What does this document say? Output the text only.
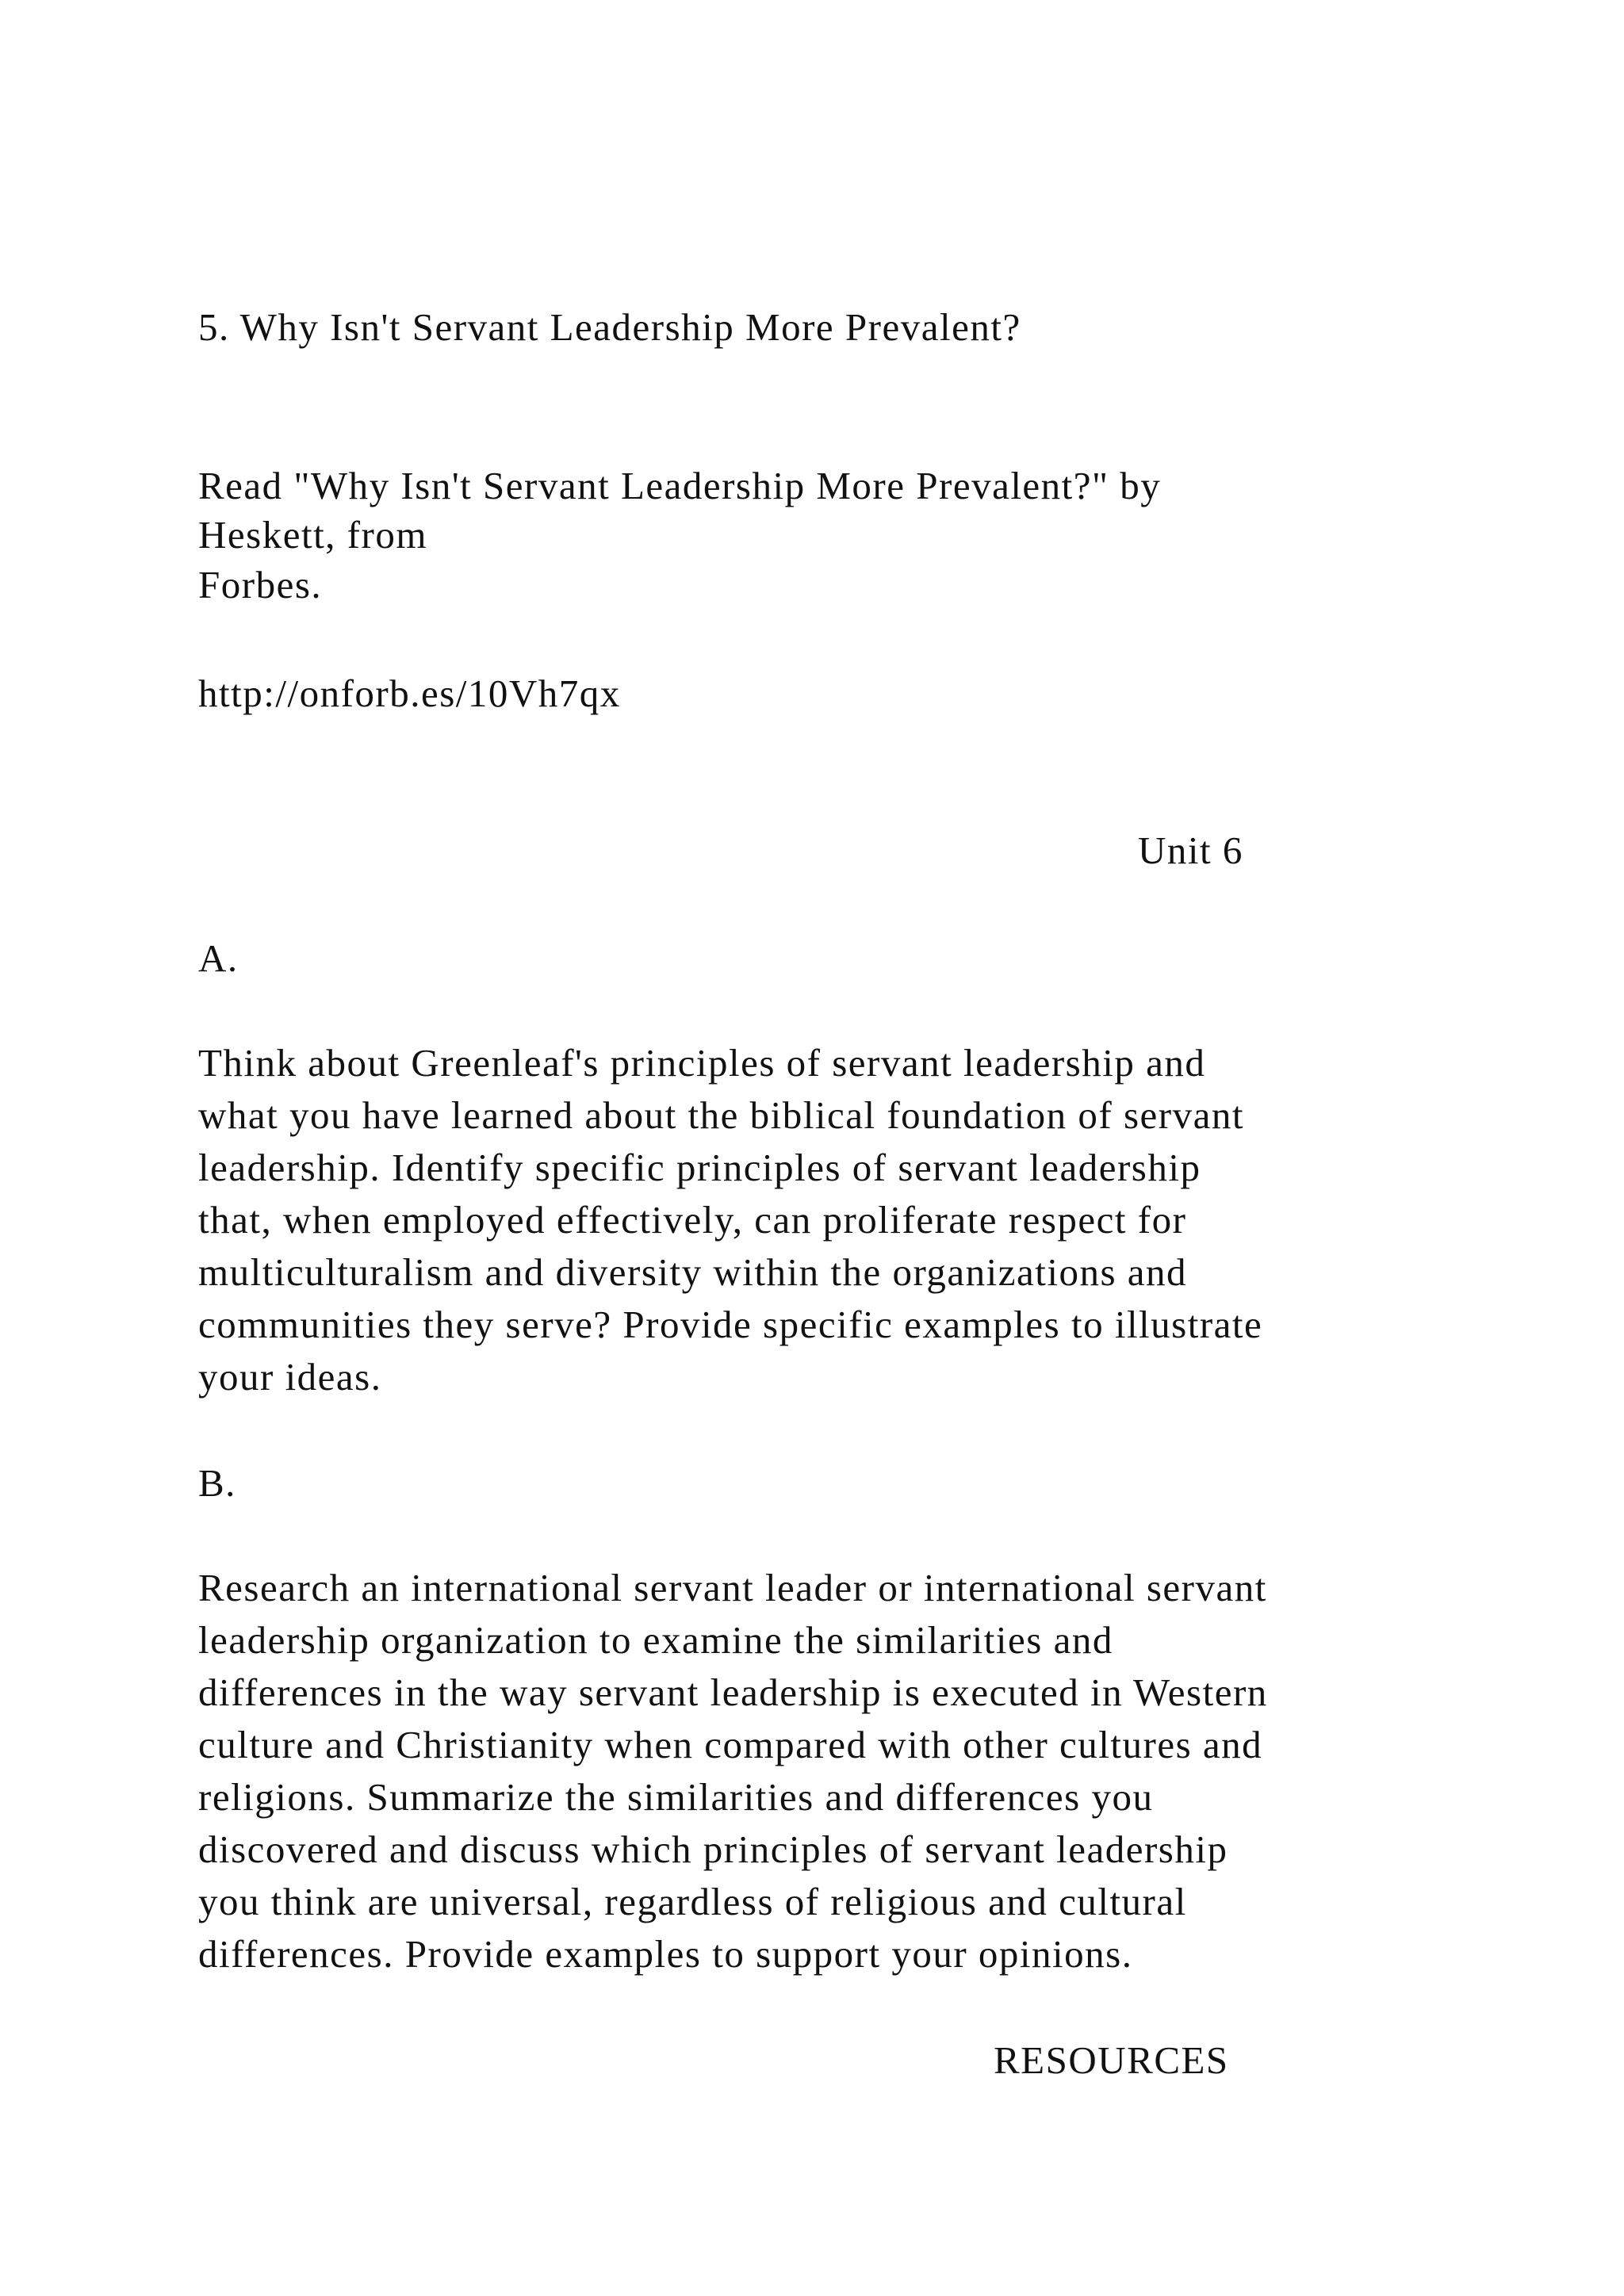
5. Why Isn't Servant Leadership More Prevalent?
Read "Why Isn't Servant Leadership More Prevalent?" by
Heskett, from
Forbes.
http://onforb.es/10Vh7qx
Unit 6
A.
Think about Greenleaf's principles of servant leadership and
what you have learned about the biblical foundation of servant
leadership. Identify specific principles of servant leadership
that, when employed effectively, can proliferate respect for
multiculturalism and diversity within the organizations and
communities they serve? Provide specific examples to illustrate
your ideas.
B.
Research an international servant leader or international servant
leadership organization to examine the similarities and
differences in the way servant leadership is executed in Western
culture and Christianity when compared with other cultures and
religions. Summarize the similarities and differences you
discovered and discuss which principles of servant leadership
you think are universal, regardless of religious and cultural
differences. Provide examples to support your opinions.
RESOURCES
